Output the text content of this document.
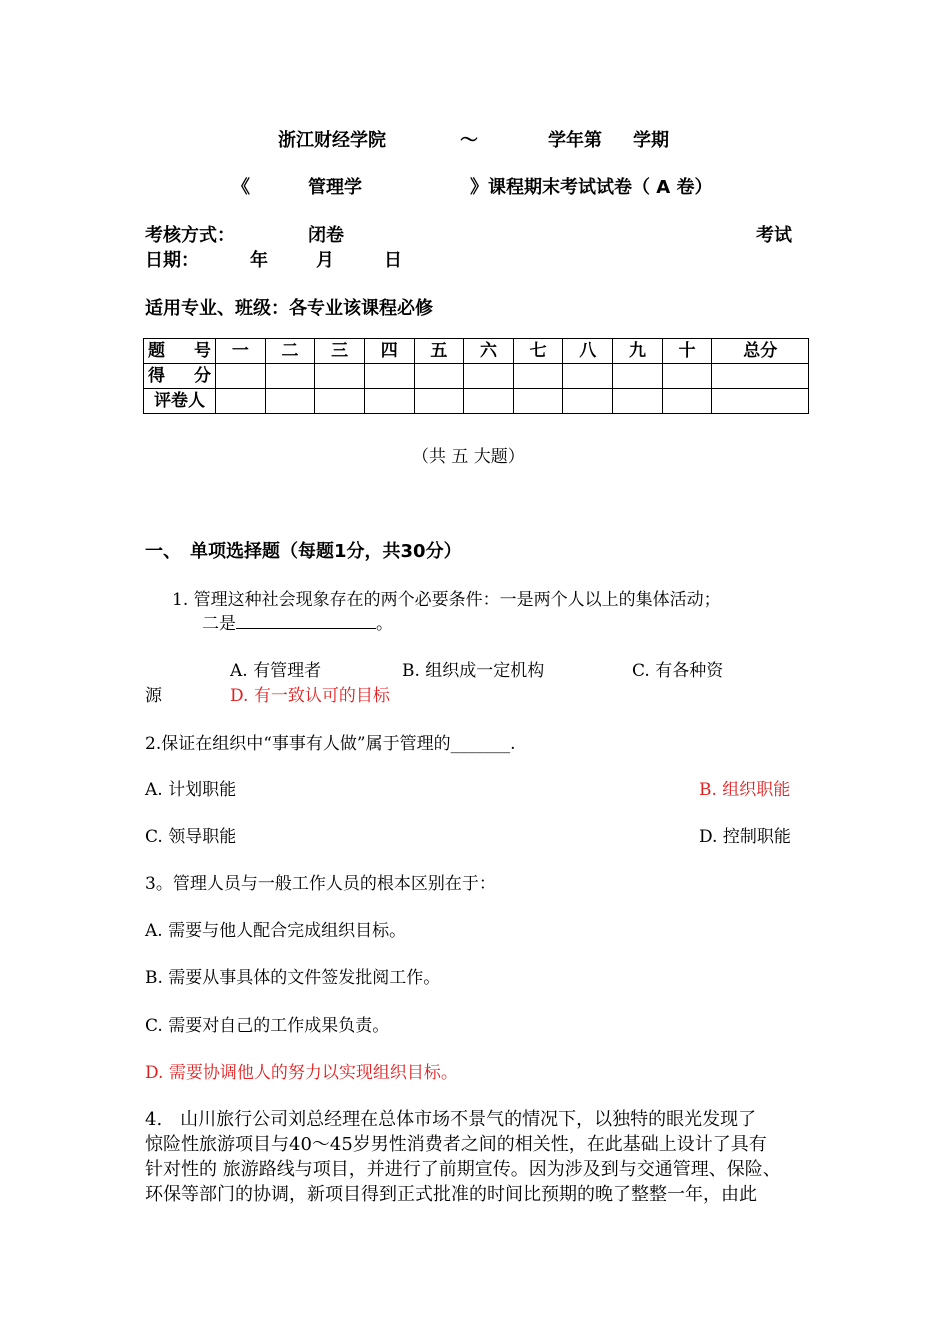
浙江财经学院	～	学年第 学期
《	管理学	》课程期末考试试卷（ A 卷）
考核方式：	闭卷	考试
日期：	年	月	日
适用专业、班级：各专业该课程必修
题　号	一	二	三	四	五	六	七	八	九	十	总分
得　分											
评卷人											
（共 五 大题）
一、　单项选择题（每题1分，共30分）
1. 管理这种社会现象存在的两个必要条件：一是两个人以上的集体活动；
二是	。
A. 有管理者	B. 组织成一定机构	C. 有各种资
源	D. 有一致认可的目标
2.保证在组织中“事事有人做”属于管理的_______.
A. 计划职能	B. 组织职能
C. 领导职能	D. 控制职能
3。管理人员与一般工作人员的根本区别在于：
A. 需要与他人配合完成组织目标。
B. 需要从事具体的文件签发批阅工作。
C. 需要对自己的工作成果负责。
D. 需要协调他人的努力以实现组织目标。
4.　山川旅行公司刘总经理在总体市场不景气的情况下，以独特的眼光发现了
惊险性旅游项目与40～45岁男性消费者之间的相关性，在此基础上设计了具有
针对性的 旅游路线与项目，并进行了前期宣传。因为涉及到与交通管理、保险、
环保等部门的协调，新项目得到正式批准的时间比预期的晚了整整一年，由此
